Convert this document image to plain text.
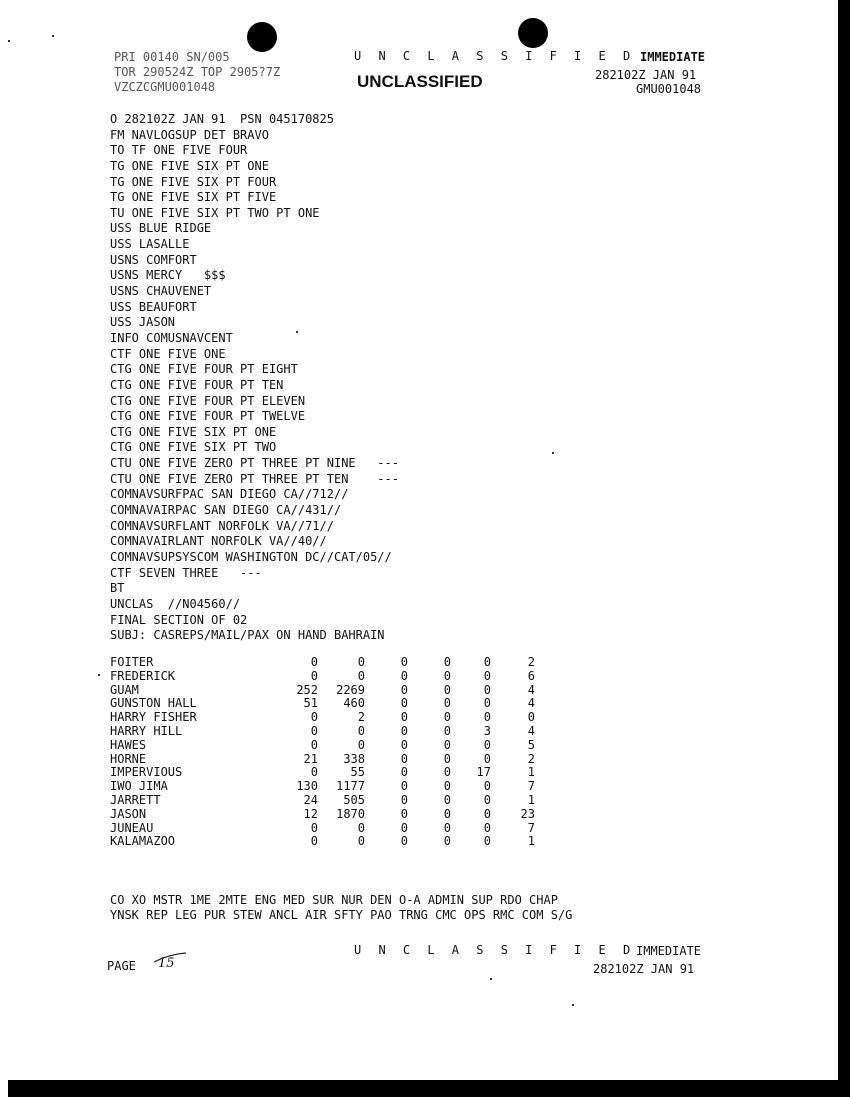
PRI 00140 SN/005
TOR 290524Z TOP 2905?7Z
VZCZCGMU001048
U N C L A S S I F I E D
UNCLASSIFIED
IMMEDIATE
282102Z JAN 91
GMU001048
O 282102Z JAN 91  PSN 045170825
FM NAVLOGSUP DET BRAVO
TO TF ONE FIVE FOUR
TG ONE FIVE SIX PT ONE
TG ONE FIVE SIX PT FOUR
TG ONE FIVE SIX PT FIVE
TU ONE FIVE SIX PT TWO PT ONE
USS BLUE RIDGE
USS LASALLE
USNS COMFORT
USNS MERCY   $$$
USNS CHAUVENET
USS BEAUFORT
USS JASON
INFO COMUSNAVCENT
CTF ONE FIVE ONE
CTG ONE FIVE FOUR PT EIGHT
CTG ONE FIVE FOUR PT TEN
CTG ONE FIVE FOUR PT ELEVEN
CTG ONE FIVE FOUR PT TWELVE
CTG ONE FIVE SIX PT ONE
CTG ONE FIVE SIX PT TWO
CTU ONE FIVE ZERO PT THREE PT NINE   ---
CTU ONE FIVE ZERO PT THREE PT TEN    ---
COMNAVSURFPAC SAN DIEGO CA//712//
COMNAVAIRPAC SAN DIEGO CA//431//
COMNAVSURFLANT NORFOLK VA//71//
COMNAVAIRLANT NORFOLK VA//40//
COMNAVSUPSYSCOM WASHINGTON DC//CAT/05//
CTF SEVEN THREE   ---
BT
UNCLAS  //N04560//
FINAL SECTION OF 02
SUBJ: CASREPS/MAIL/PAX ON HAND BAHRAIN
FOITER	0	0	0	0	0	2
FREDERICK	0	0	0	0	0	6
GUAM	252	2269	0	0	0	4
GUNSTON HALL	51	460	0	0	0	4
HARRY FISHER	0	2	0	0	0	0
HARRY HILL	0	0	0	0	3	4
HAWES	0	0	0	0	0	5
HORNE	21	338	0	0	0	2
IMPERVIOUS	0	55	0	0	17	1
IWO JIMA	130	1177	0	0	0	7
JARRETT	24	505	0	0	0	1
JASON	12	1870	0	0	0	23
JUNEAU	0	0	0	0	0	7
KALAMAZOO	0	0	0	0	0	1
CO XO MSTR 1ME 2MTE ENG MED SUR NUR DEN O-A ADMIN SUP RDO CHAP
YNSK REP LEG PUR STEW ANCL AIR SFTY PAO TRNG CMC OPS RMC COM S/G
PAGE 15
U N C L A S S I F I E D IMMEDIATE
282102Z JAN 91
